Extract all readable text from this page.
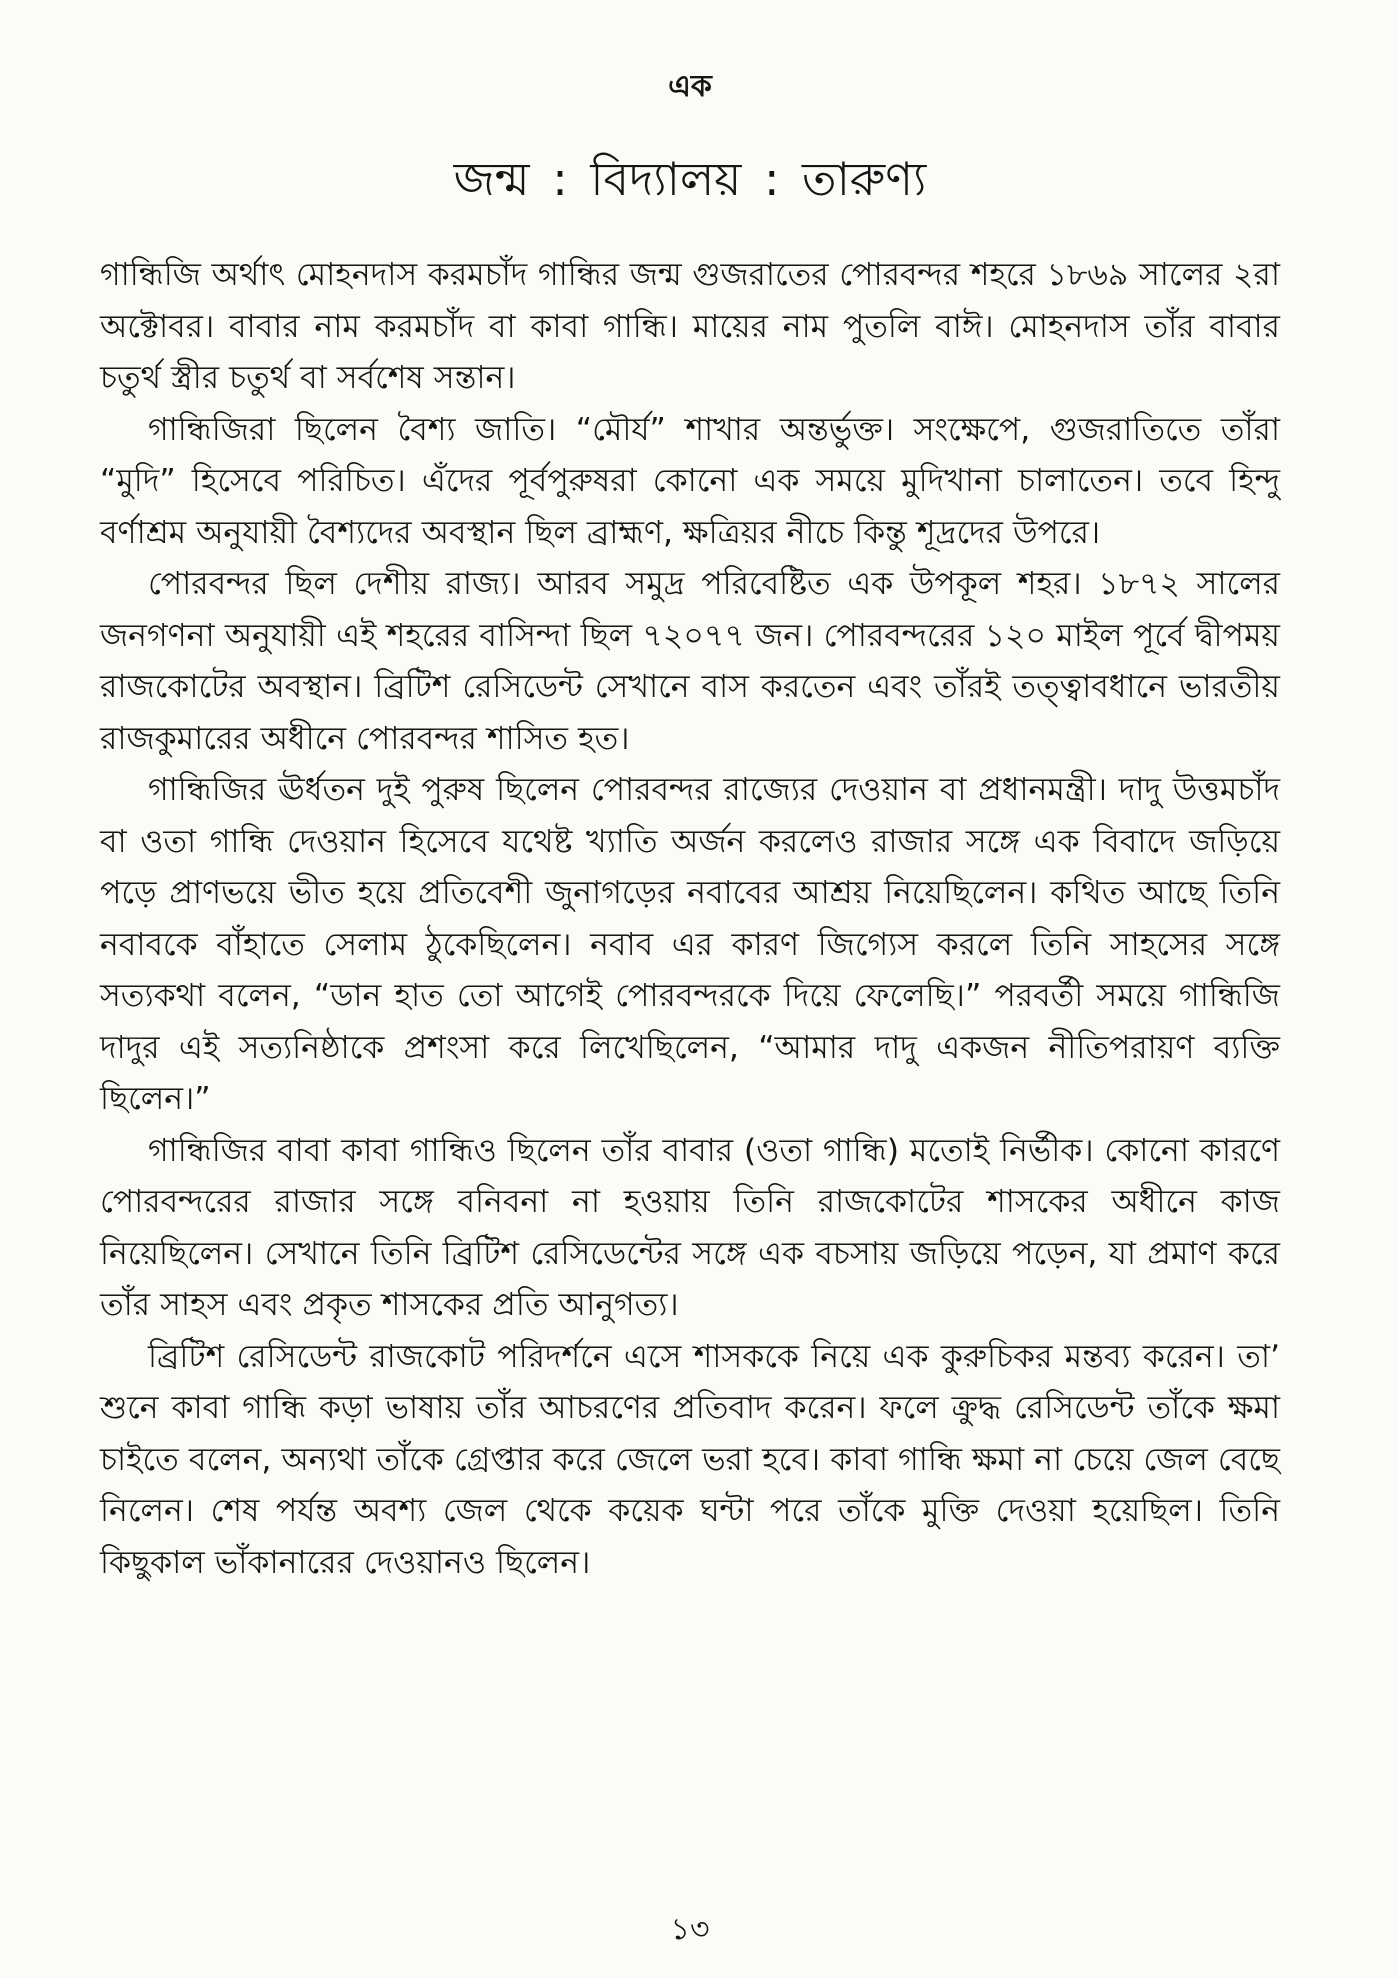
এক
জন্ম : বিদ্যালয় : তারুণ্য

গান্ধিজি অর্থাৎ মোহনদাস করমচাঁদ গান্ধির জন্ম গুজরাতের পোরবন্দর শহরে ১৮৬৯ সালের ২রা অক্টোবর। বাবার নাম করমচাঁদ বা কাবা গান্ধি। মায়ের নাম পুতলি বাঈ। মোহনদাস তাঁর বাবার চতুর্থ স্ত্রীর চতুর্থ বা সর্বশেষ সন্তান।

গান্ধিজিরা ছিলেন বৈশ্য জাতি। “মৌর্য” শাখার অন্তর্ভুক্ত। সংক্ষেপে, গুজরাতিতে তাঁরা “মুদি” হিসেবে পরিচিত। এঁদের পূর্বপুরুষরা কোনো এক সময়ে মুদিখানা চালাতেন। তবে হিন্দু বর্ণাশ্রম অনুযায়ী বৈশ্যদের অবস্থান ছিল ব্রাহ্মণ, ক্ষত্রিয়র নীচে কিন্তু শূদ্রদের উপরে।

পোরবন্দর ছিল দেশীয় রাজ্য। আরব সমুদ্র পরিবেষ্টিত এক উপকূল শহর। ১৮৭২ সালের জনগণনা অনুযায়ী এই শহরের বাসিন্দা ছিল ৭২০৭৭ জন। পোরবন্দরের ১২০ মাইল পূর্বে দ্বীপময় রাজকোটের অবস্থান। ব্রিটিশ রেসিডেন্ট সেখানে বাস করতেন এবং তাঁরই তত্ত্বাবধানে ভারতীয় রাজকুমারের অধীনে পোরবন্দর শাসিত হত।

গান্ধিজির ঊর্ধতন দুই পুরুষ ছিলেন পোরবন্দর রাজ্যের দেওয়ান বা প্রধানমন্ত্রী। দাদু উত্তমচাঁদ বা ওতা গান্ধি দেওয়ান হিসেবে যথেষ্ট খ্যাতি অর্জন করলেও রাজার সঙ্গে এক বিবাদে জড়িয়ে পড়ে প্রাণভয়ে ভীত হয়ে প্রতিবেশী জুনাগড়ের নবাবের আশ্রয় নিয়েছিলেন। কথিত আছে তিনি নবাবকে বাঁহাতে সেলাম ঠুকেছিলেন। নবাব এর কারণ জিগ্যেস করলে তিনি সাহসের সঙ্গে সত্যকথা বলেন, “ডান হাত তো আগেই পোরবন্দরকে দিয়ে ফেলেছি।” পরবর্তী সময়ে গান্ধিজি দাদুর এই সত্যনিষ্ঠাকে প্রশংসা করে লিখেছিলেন, “আমার দাদু একজন নীতিপরায়ণ ব্যক্তি ছিলেন।”

গান্ধিজির বাবা কাবা গান্ধিও ছিলেন তাঁর বাবার (ওতা গান্ধি) মতোই নির্ভীক। কোনো কারণে পোরবন্দরের রাজার সঙ্গে বনিবনা না হওয়ায় তিনি রাজকোটের শাসকের অধীনে কাজ নিয়েছিলেন। সেখানে তিনি ব্রিটিশ রেসিডেন্টের সঙ্গে এক বচসায় জড়িয়ে পড়েন, যা প্রমাণ করে তাঁর সাহস এবং প্রকৃত শাসকের প্রতি আনুগত্য।

ব্রিটিশ রেসিডেন্ট রাজকোট পরিদর্শনে এসে শাসককে নিয়ে এক কুরুচিকর মন্তব্য করেন। তা’ শুনে কাবা গান্ধি কড়া ভাষায় তাঁর আচরণের প্রতিবাদ করেন। ফলে ক্রুদ্ধ রেসিডেন্ট তাঁকে ক্ষমা চাইতে বলেন, অন্যথা তাঁকে গ্রেপ্তার করে জেলে ভরা হবে। কাবা গান্ধি ক্ষমা না চেয়ে জেল বেছে নিলেন। শেষ পর্যন্ত অবশ্য জেল থেকে কয়েক ঘন্টা পরে তাঁকে মুক্তি দেওয়া হয়েছিল। তিনি কিছুকাল ভাঁকানারের দেওয়ানও ছিলেন।

১৩
